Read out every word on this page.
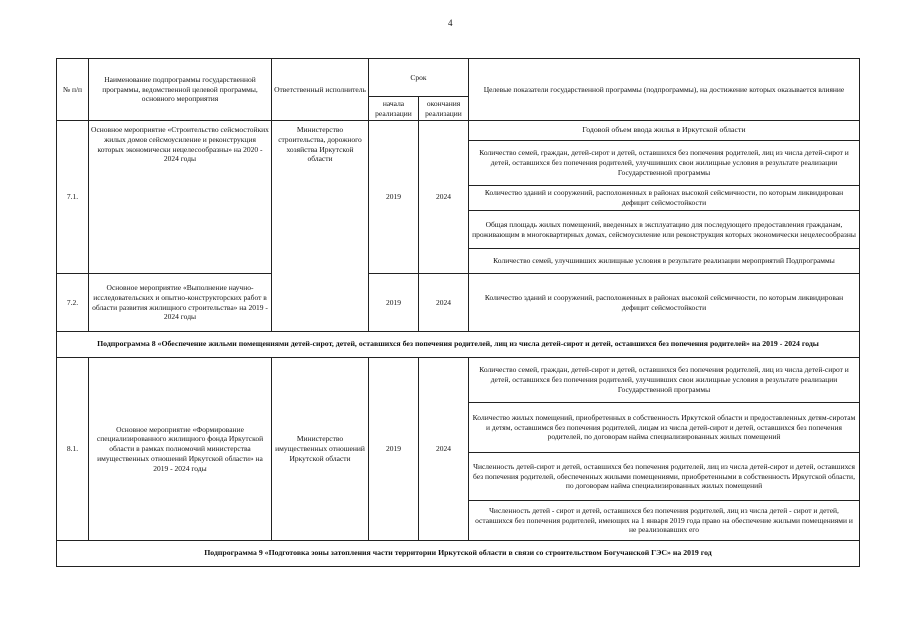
4
№ п/п	Наименование подпрограммы государственной программы, ведомственной целевой программы, основного мероприятия	Ответственный исполнитель	Срок		Целевые показатели государственной программы (подпрограммы), на достижение которых оказывается влияние
			начала реализации	окончания реализации	
7.1.	Основное мероприятие «Строительство сейсмостойких жилых домов сейсмоусиление и реконструкция которых экономически нецелесообразны» на 2020 - 2024 годы	Министерство строительства, дорожного хозяйства Иркутской области	2019	2024	Годовой объем ввода жилья в Иркутской области
					Количество семей, граждан, детей-сирот и детей, оставшихся без попечения родителей, лиц из числа детей-сирот и детей, оставшихся без попечения родителей, улучшивших свои жилищные условия в результате реализации Государственной программы
					Количество зданий и сооружений, расположенных в районах высокой сейсмичности, по которым ликвидирован дефицит сейсмостойкости
					Общая площадь жилых помещений, введенных в эксплуатацию для последующего предоставления гражданам, проживающим в многоквартирных домах, сейсмоусиление или реконструкция которых экономически нецелесообразны
					Количество семей, улучшивших жилищные условия в результате реализации мероприятий Подпрограммы
7.2.	Основное мероприятие «Выполнение научно-исследовательских и опытно-конструкторских работ в области развития жилищного строительства» на 2019 - 2024 годы		2019	2024	Количество зданий и сооружений, расположенных в районах высокой сейсмичности, по которым ликвидирован дефицит сейсмостойкости
Подпрограмма 8 «Обеспечение жильми помещениями детей-сирот, детей, оставшихся без попечения родителей, лиц из числа детей-сирот и детей, оставшихся без попечения родителей» на 2019 - 2024 годы					
8.1.	Основное мероприятие «Формирование специализированного жилищного фонда Иркутской области в рамках полномочий министерства имущественных отношений Иркутской области» на 2019 - 2024 годы	Министерство имущественных отношений Иркутской области	2019	2024	Количество семей, граждан, детей-сирот и детей, оставшихся без попечения родителей, лиц из числа детей-сирот и детей, оставшихся без попечения родителей, улучшивших свои жилищные условия в результате реализации Государственной программы
					Количество жилых помещений, приобретенных в собственность Иркутской области и предоставленных детям-сиротам и детям, оставшимся без попечения родителей, лицам из числа детей-сирот и детей, оставшихся без попечения родителей, по договорам найма специализированных жилых помещений
					Численность детей-сирот и детей, оставшихся без попечения родителей, лиц из числа детей-сирот и детей, оставшихся без попечения родителей, обеспеченных жилыми помещениями, приобретенными в собственность Иркутской области, по договорам найма специализированных жилых помещений
					Численность детей - сирот и детей, оставшихся без попечения родителей, лиц из числа детей - сирот и детей, оставшихся без попечения родителей, имеющих на 1 января 2019 года право на обеспечение жилыми помещениями и не реализовавших его
Подпрограмма 9 «Подготовка зоны затопления части территории Иркутской области в связи со строительством Богучанской ГЭС» на 2019 год					
